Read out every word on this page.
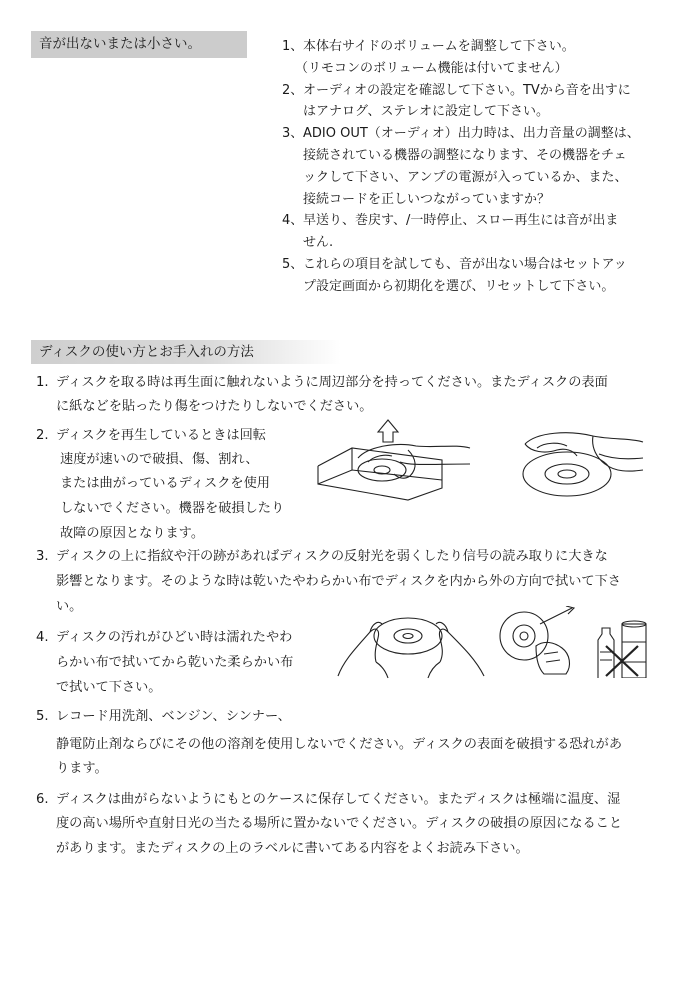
音が出ないまたは小さい。	1、 本体右サイドのボリュームを調整して下さい。
（リモコンのボリューム機能は付いてません）
2、 オーディオの設定を確認して下さい。TVから音を出すに
はアナログ、ステレオに設定して下さい。
3、 ADIO OUT（オーディオ）出力時は、出力音量の調整は、
接続されている機器の調整になります、その機器をチェ
ックして下さい、アンプの電源が入っているか、また、
接続コードを正しいつながっていますか？
4、 早送り、巻戻す、/一時停止、スロー再生には音が出ま
せん.
5、 これらの項目を試しても、音が出ない場合はセットアッ
プ設定画面から初期化を選び、リセットして下さい。
ディスクの使い方とお手入れの方法
1. ディスクを取る時は再生面に触れないように周辺部分を持ってください。またディスクの表面
に紙などを貼ったり傷をつけたりしないでください。
2. ディスクを再生しているときは回転
速度が速いので破損、傷、割れ、
または曲がっているディスクを使用
しないでください。機器を破損したり
故障の原因となります。
3. ディスクの上に指紋や汗の跡があればディスクの反射光を弱くしたり信号の読み取りに大きな
影響となります。そのような時は乾いたやわらかい布でディスクを内から外の方向で拭いて下さ
い。
4. ディスクの汚れがひどい時は濡れたやわ
らかい布で拭いてから乾いた柔らかい布
で拭いて下さい。
5. レコード用洗剤、ベンジン、シンナー、
静電防止剤ならびにその他の溶剤を使用しないでください。ディスクの表面を破損する恐れがあ
ります。
6. ディスクは曲がらないようにもとのケースに保存してください。またディスクは極端に温度、湿
度の高い場所や直射日光の当たる場所に置かないでください。ディスクの破損の原因になること
があります。またディスクの上のラベルに書いてある内容をよくお読み下さい。
